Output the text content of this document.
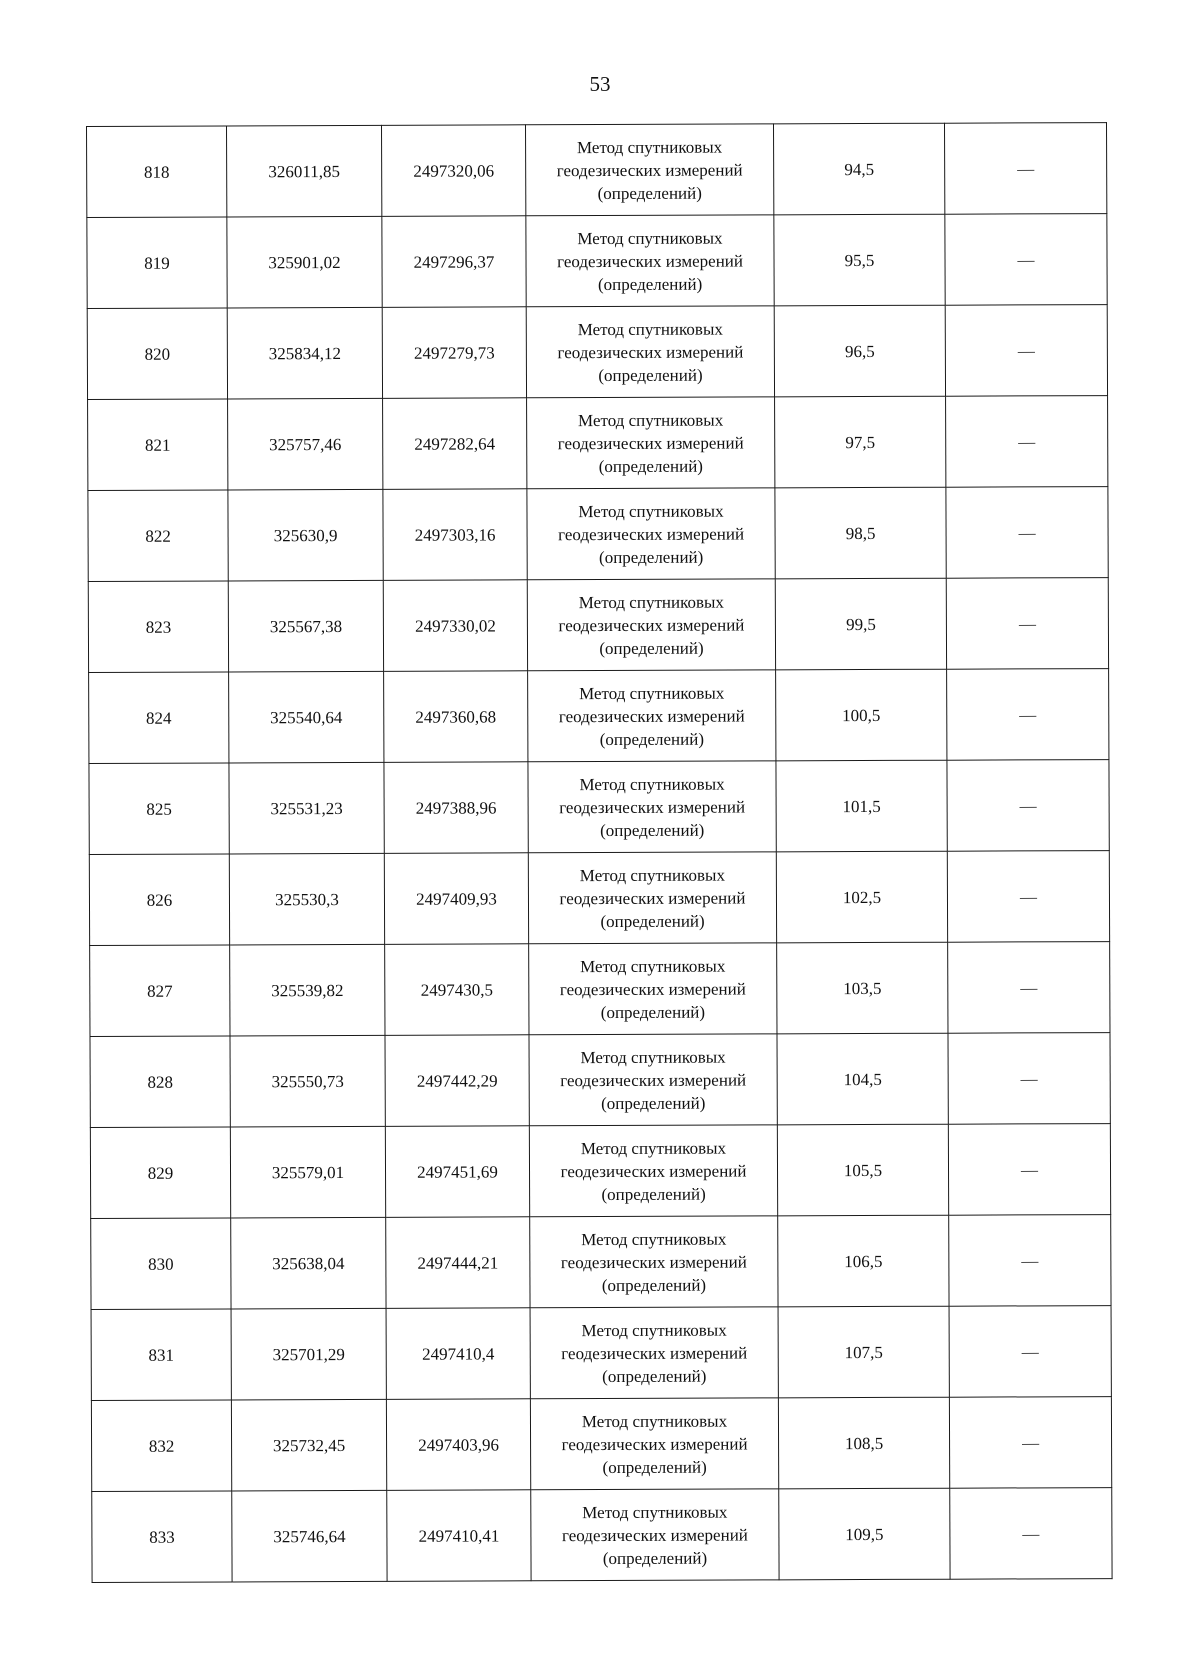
53
818	326011,85	2497320,06	Метод спутниковых
геодезических измерений
(определений)	94,5	—
819	325901,02	2497296,37	Метод спутниковых
геодезических измерений
(определений)	95,5	—
820	325834,12	2497279,73	Метод спутниковых
геодезических измерений
(определений)	96,5	—
821	325757,46	2497282,64	Метод спутниковых
геодезических измерений
(определений)	97,5	—
822	325630,9	2497303,16	Метод спутниковых
геодезических измерений
(определений)	98,5	—
823	325567,38	2497330,02	Метод спутниковых
геодезических измерений
(определений)	99,5	—
824	325540,64	2497360,68	Метод спутниковых
геодезических измерений
(определений)	100,5	—
825	325531,23	2497388,96	Метод спутниковых
геодезических измерений
(определений)	101,5	—
826	325530,3	2497409,93	Метод спутниковых
геодезических измерений
(определений)	102,5	—
827	325539,82	2497430,5	Метод спутниковых
геодезических измерений
(определений)	103,5	—
828	325550,73	2497442,29	Метод спутниковых
геодезических измерений
(определений)	104,5	—
829	325579,01	2497451,69	Метод спутниковых
геодезических измерений
(определений)	105,5	—
830	325638,04	2497444,21	Метод спутниковых
геодезических измерений
(определений)	106,5	—
831	325701,29	2497410,4	Метод спутниковых
геодезических измерений
(определений)	107,5	—
832	325732,45	2497403,96	Метод спутниковых
геодезических измерений
(определений)	108,5	—
833	325746,64	2497410,41	Метод спутниковых
геодезических измерений
(определений)	109,5	—
